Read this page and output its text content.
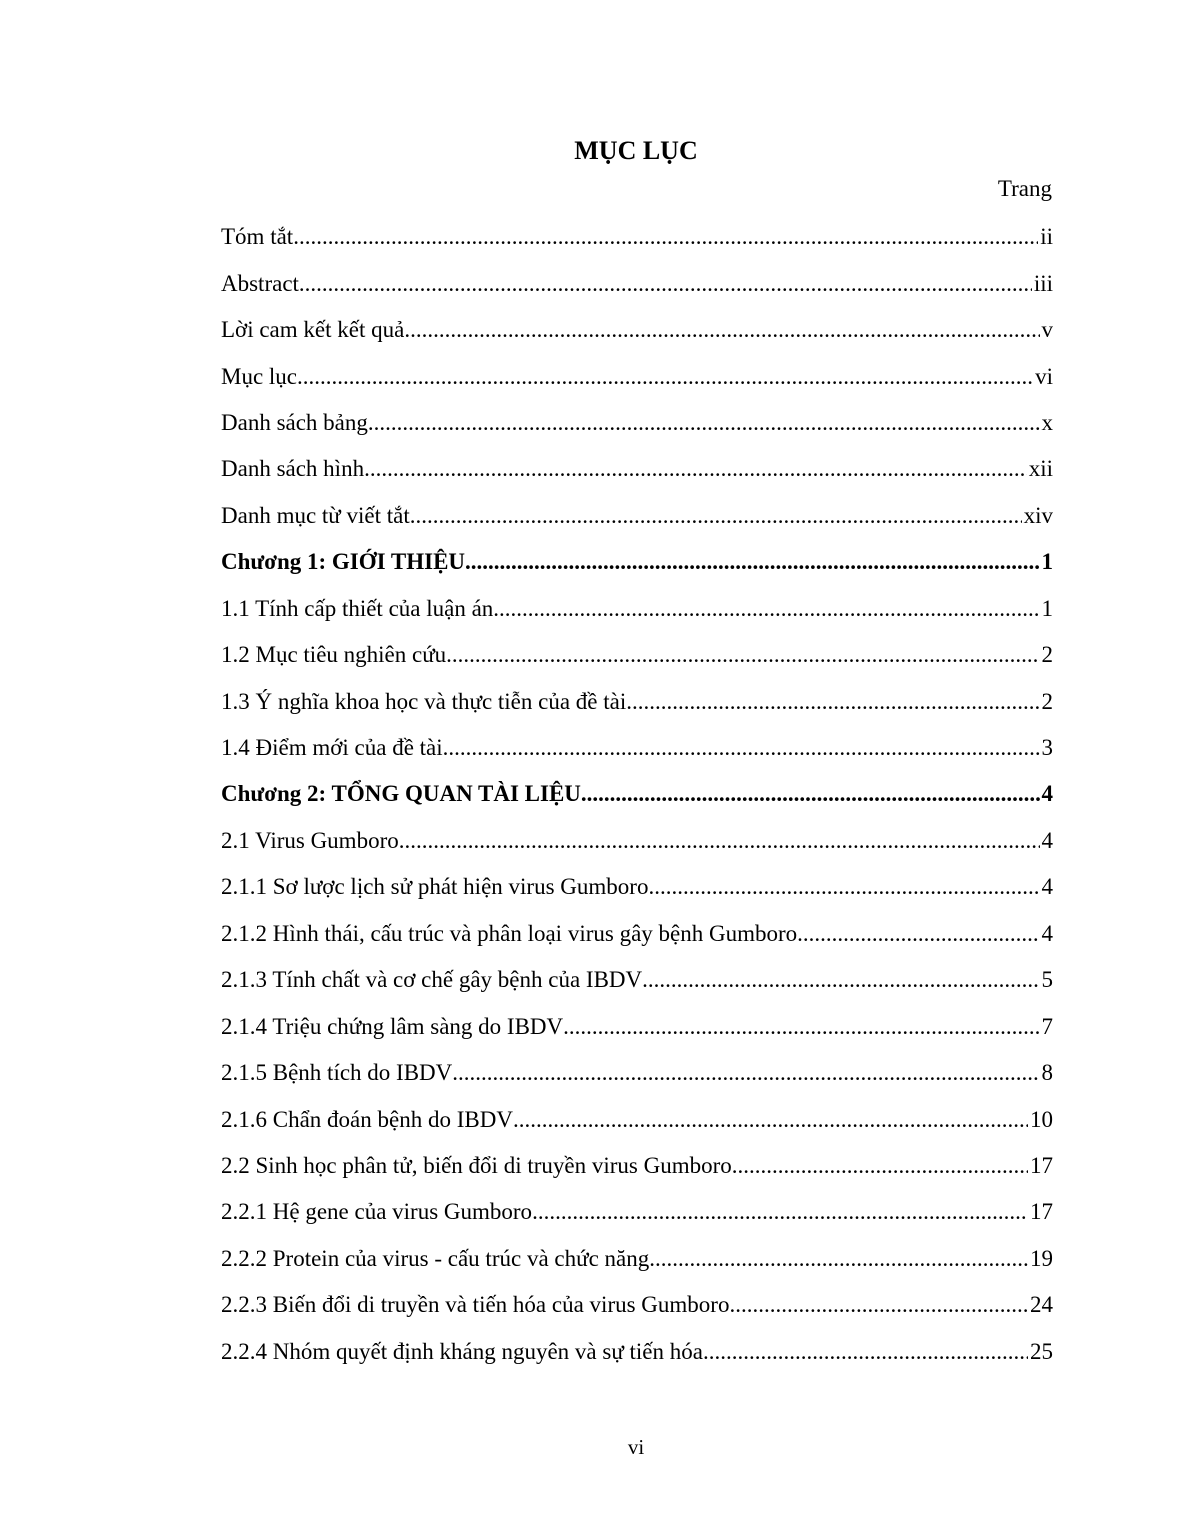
MỤC LỤC
Trang
Tóm tắt .....	ii
Abstract .....	iii
Lời cam kết kết quả .....	v
Mục lục .....	vi
Danh sách bảng .....	x
Danh sách hình .....	xii
Danh mục từ viết tắt .....	xiv
Chương 1: GIỚI THIỆU .....	1
1.1 Tính cấp thiết của luận án .....	1
1.2 Mục tiêu nghiên cứu .....	2
1.3 Ý nghĩa khoa học và thực tiễn của đề tài .....	2
1.4 Điểm mới của đề tài .....	3
Chương 2: TỔNG QUAN TÀI LIỆU .....	4
2.1 Virus Gumboro .....	4
2.1.1 Sơ lược lịch sử phát hiện virus Gumboro .....	4
2.1.2 Hình thái, cấu trúc và phân loại virus gây bệnh Gumboro .....	4
2.1.3 Tính chất và cơ chế gây bệnh của IBDV .....	5
2.1.4 Triệu chứng lâm sàng do IBDV .....	7
2.1.5 Bệnh tích do IBDV .....	8
2.1.6 Chẩn đoán bệnh do IBDV .....	10
2.2 Sinh học phân tử, biến đổi di truyền virus Gumboro .....	17
2.2.1 Hệ gene của virus Gumboro .....	17
2.2.2 Protein của virus - cấu trúc và chức năng .....	19
2.2.3 Biến đổi di truyền và tiến hóa của virus Gumboro .....	24
2.2.4 Nhóm quyết định kháng nguyên và sự tiến hóa .....	25
vi
